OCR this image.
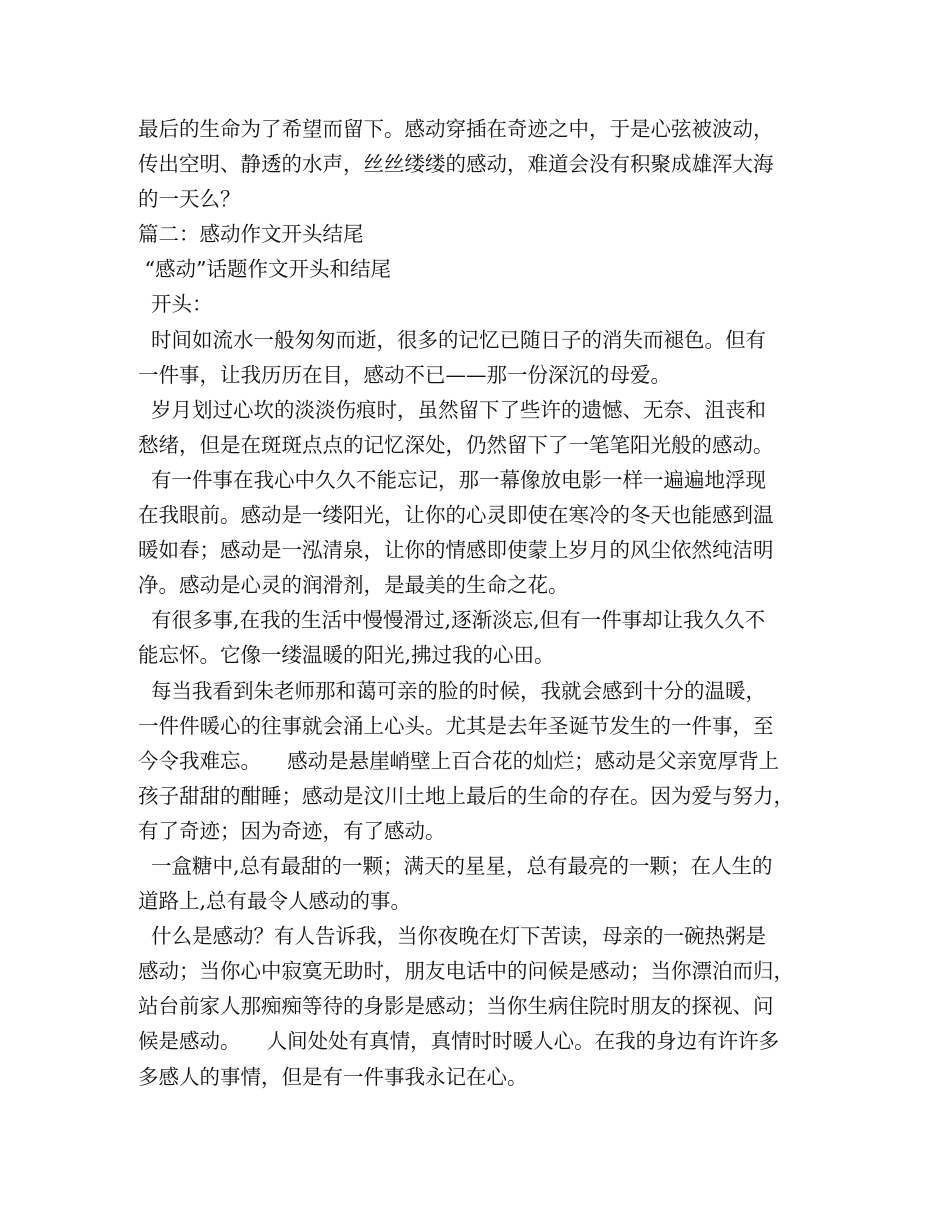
最后的生命为了希望而留下。感动穿插在奇迹之中，于是心弦被波动，
传出空明、静透的水声，丝丝缕缕的感动，难道会没有积聚成雄浑大海
的一天么？
篇二：感动作文开头结尾
“感动”话题作文开头和结尾
开头：
时间如流水一般匆匆而逝，很多的记忆已随日子的消失而褪色。但有
一件事，让我历历在目，感动不已——那一份深沉的母爱。
岁月划过心坎的淡淡伤痕时，虽然留下了些许的遗憾、无奈、沮丧和
愁绪，但是在斑斑点点的记忆深处，仍然留下了一笔笔阳光般的感动。
有一件事在我心中久久不能忘记，那一幕像放电影一样一遍遍地浮现
在我眼前。感动是一缕阳光，让你的心灵即使在寒冷的冬天也能感到温
暖如春；感动是一泓清泉，让你的情感即使蒙上岁月的风尘依然纯洁明
净。感动是心灵的润滑剂，是最美的生命之花。
有很多事,在我的生活中慢慢滑过,逐渐淡忘,但有一件事却让我久久不
能忘怀。它像一缕温暖的阳光,拂过我的心田。
每当我看到朱老师那和蔼可亲的脸的时候，我就会感到十分的温暖，
一件件暖心的往事就会涌上心头。尤其是去年圣诞节发生的一件事，至
今令我难忘。    感动是悬崖峭壁上百合花的灿烂；感动是父亲宽厚背上
孩子甜甜的酣睡；感动是汶川土地上最后的生命的存在。因为爱与努力，
有了奇迹；因为奇迹，有了感动。
一盒糖中,总有最甜的一颗；满天的星星，总有最亮的一颗；在人生的
道路上,总有最令人感动的事。
什么是感动？有人告诉我，当你夜晚在灯下苦读，母亲的一碗热粥是
感动；当你心中寂寞无助时，朋友电话中的问候是感动；当你漂泊而归，
站台前家人那痴痴等待的身影是感动；当你生病住院时朋友的探视、问
候是感动。    人间处处有真情，真情时时暖人心。在我的身边有许许多
多感人的事情，但是有一件事我永记在心。
